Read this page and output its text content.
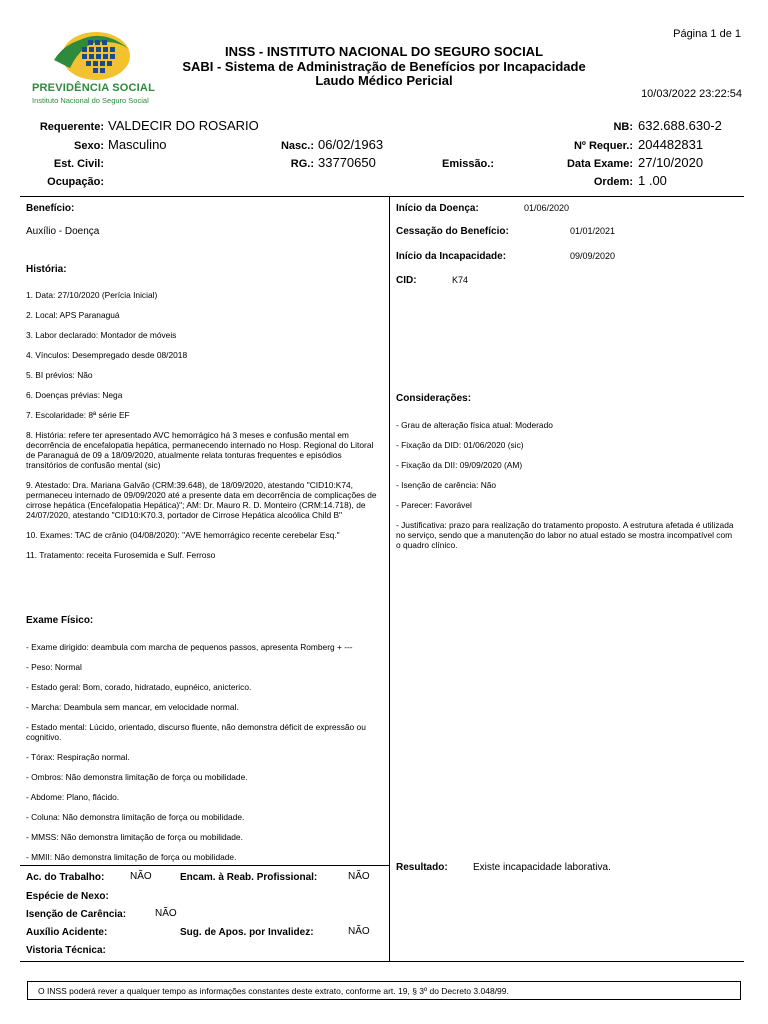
Página 1 de 1
10/03/2022 23:22:54
PREVIDÊNCIA SOCIAL
Instituto Nacional do Seguro Social
INSS - INSTITUTO NACIONAL DO SEGURO SOCIAL
SABI - Sistema de Administração de Benefícios por Incapacidade
Laudo Médico Pericial
Requerente: VALDECIR DO ROSARIO	NB: 632.688.630-2
Sexo: Masculino	Nasc.: 06/02/1963	Nº Requer.: 204482831
Est. Civil:	RG.: 33770650	Emissão.:	Data Exame: 27/10/2020
Ocupação:	Ordem: 1 .00
Benefício:
Auxílio - Doença
História:

1. Data: 27/10/2020 (Perícia Inicial)

2. Local: APS Paranaguá

3. Labor declarado: Montador de móveis

4. Vínculos: Desempregado desde 08/2018

5. BI prévios: Não

6. Doenças prévias: Nega

7. Escolaridade: 8ª série EF

8. História: refere ter apresentado AVC hemorrágico há 3 meses e confusão mental em decorrência de encefalopatia hepática, permanecendo internado no Hosp. Regional do Litoral de Paranaguá de 09 a 18/09/2020, atualmente relata tonturas frequentes e episódios transitórios de confusão mental (sic)

9. Atestado: Dra. Mariana Galvão (CRM:39.648), de 18/09/2020, atestando "CID10:K74, permaneceu internado de 09/09/2020 até a presente data em decorrência de complicações de cirrose hepática (Encefalopatia Hepática)"; AM: Dr. Mauro R. D. Monteiro (CRM:14.718), de 24/07/2020, atestando "CID10:K70.3, portador de Cirrose Hepática alcoólica Child B"

10. Exames: TAC de crânio (04/08/2020): "AVE hemorrágico recente cerebelar Esq."

11. Tratamento: receita Furosemida e Sulf. Ferroso

Exame Físico:

- Exame dirigido: deambula com marcha de pequenos passos, apresenta Romberg + ---

- Peso: Normal

- Estado geral: Bom, corado, hidratado, eupnéico, anicterico.

- Marcha: Deambula sem mancar, em velocidade normal.

- Estado mental: Lúcido, orientado, discurso fluente, não demonstra déficit de expressão ou cognitivo.

- Tórax: Respiração normal.

- Ombros: Não demonstra limitação de força ou mobilidade.

- Abdome: Plano, flácido.

- Coluna: Não demonstra limitação de força ou mobilidade.

- MMSS: Não demonstra limitação de força ou mobilidade.

- MMII: Não demonstra limitação de força ou mobilidade.

Ac. do Trabalho:	NÃO	Encam. à Reab. Profissional:	NÃO
Espécie de Nexo:
Isenção de Carência:	NÃO
Auxílio Acidente:	Sug. de Apos. por Invalidez:	NÃO
Vistoria Técnica:
Início da Doença:	01/06/2020
Cessação do Benefício:	01/01/2021
Início da Incapacidade:	09/09/2020
CID:	K74
Considerações:

- Grau de alteração física atual: Moderado

- Fixação da DID: 01/06/2020 (sic)

- Fixação da DII: 09/09/2020 (AM)

- Isenção de carência: Não

- Parecer: Favorável

- Justificativa: prazo para realização do tratamento proposto. A estrutura afetada é utilizada no serviço, sendo que a manutenção do labor no atual estado se mostra incompatível com o quadro clínico.

Resultado:	Existe incapacidade laborativa.
O INSS poderá rever a qualquer tempo as informações constantes deste extrato, conforme art. 19, § 3º do Decreto 3.048/99.
